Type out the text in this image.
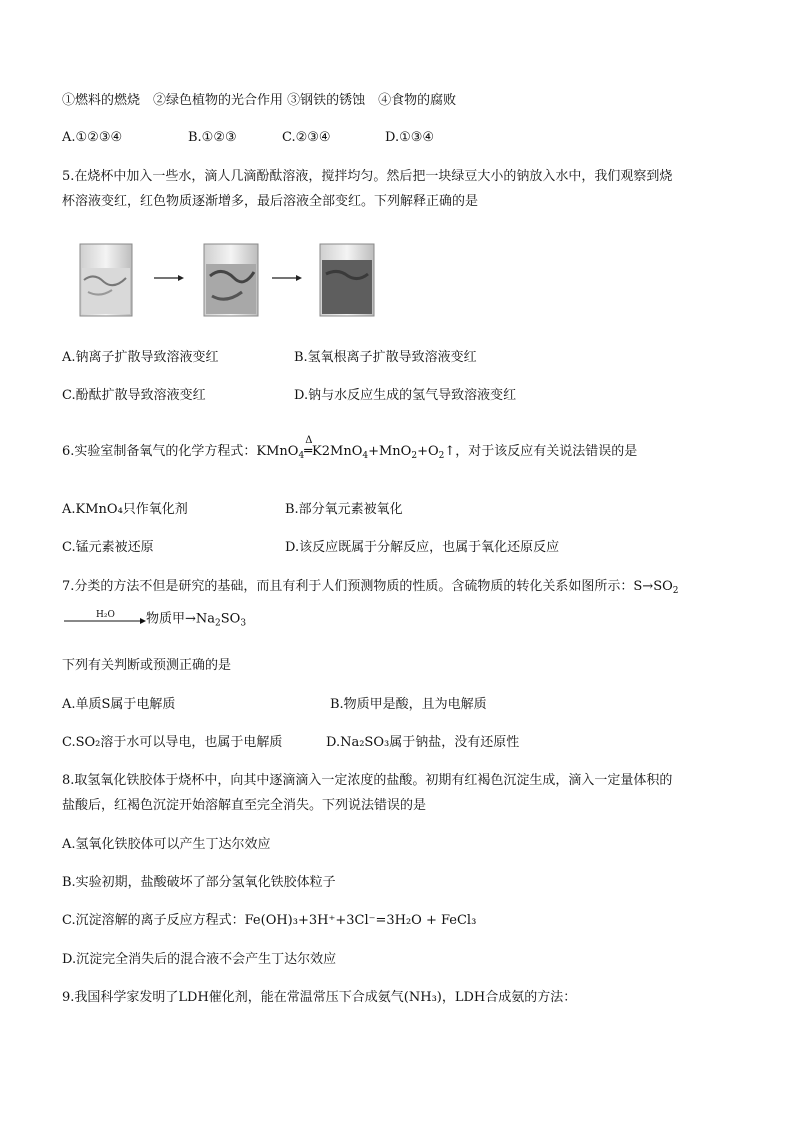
①燃料的燃烧　②绿色植物的光合作用 ③钢铁的锈蚀　④食物的腐败
A.①②③④	B.①②③	C.②③④	D.①③④
5.在烧杯中加入一些水，滴人几滴酚酞溶液，搅拌均匀。然后把一块绿豆大小的钠放入水中，我们观察到烧
杯溶液变红，红色物质逐渐增多，最后溶液全部变红。下列解释正确的是
A.钠离子扩散导致溶液变红	B.氢氧根离子扩散导致溶液变红
C.酚酞扩散导致溶液变红	D.钠与水反应生成的氢气导致溶液变红
6.实验室制备氧气的化学方程式：KMnO$_4$
Δ
$═K2MnO_4+MnO_2+O_2↑$，对于该反应有关说法错误的是
A.KMnO₄只作氧化剂	B.部分氧元素被氧化
C.锰元素被还原	D.该反应既属于分解反应，也属于氧化还原反应
7.分类的方法不但是研究的基础，而且有利于人们预测物质的性质。含硫物质的转化关系如图所示：$S\to SO_2$
H₂O 物质甲$\to Na_2SO_3$
下列有关判断或预测正确的是
A.单质S属于电解质	B.物质甲是酸，且为电解质
C.SO₂溶于水可以导电，也属于电解质	D.Na₂SO₃属于钠盐，没有还原性
8.取氢氧化铁胶体于烧杯中，向其中逐滴滴入一定浓度的盐酸。初期有红褐色沉淀生成，滴入一定量体积的
盐酸后，红褐色沉淀开始溶解直至完全消失。下列说法错误的是
A.氢氧化铁胶体可以产生丁达尔效应
B.实验初期，盐酸破坏了部分氢氧化铁胶体粒子
C.沉淀溶解的离子反应方程式：Fe(OH)₃+3H⁺+3Cl⁻=3H₂O + FeCl₃
D.沉淀完全消失后的混合液不会产生丁达尔效应
9.我国科学家发明了LDH催化剂，能在常温常压下合成氨气(NH₃)，LDH合成氨的方法：
